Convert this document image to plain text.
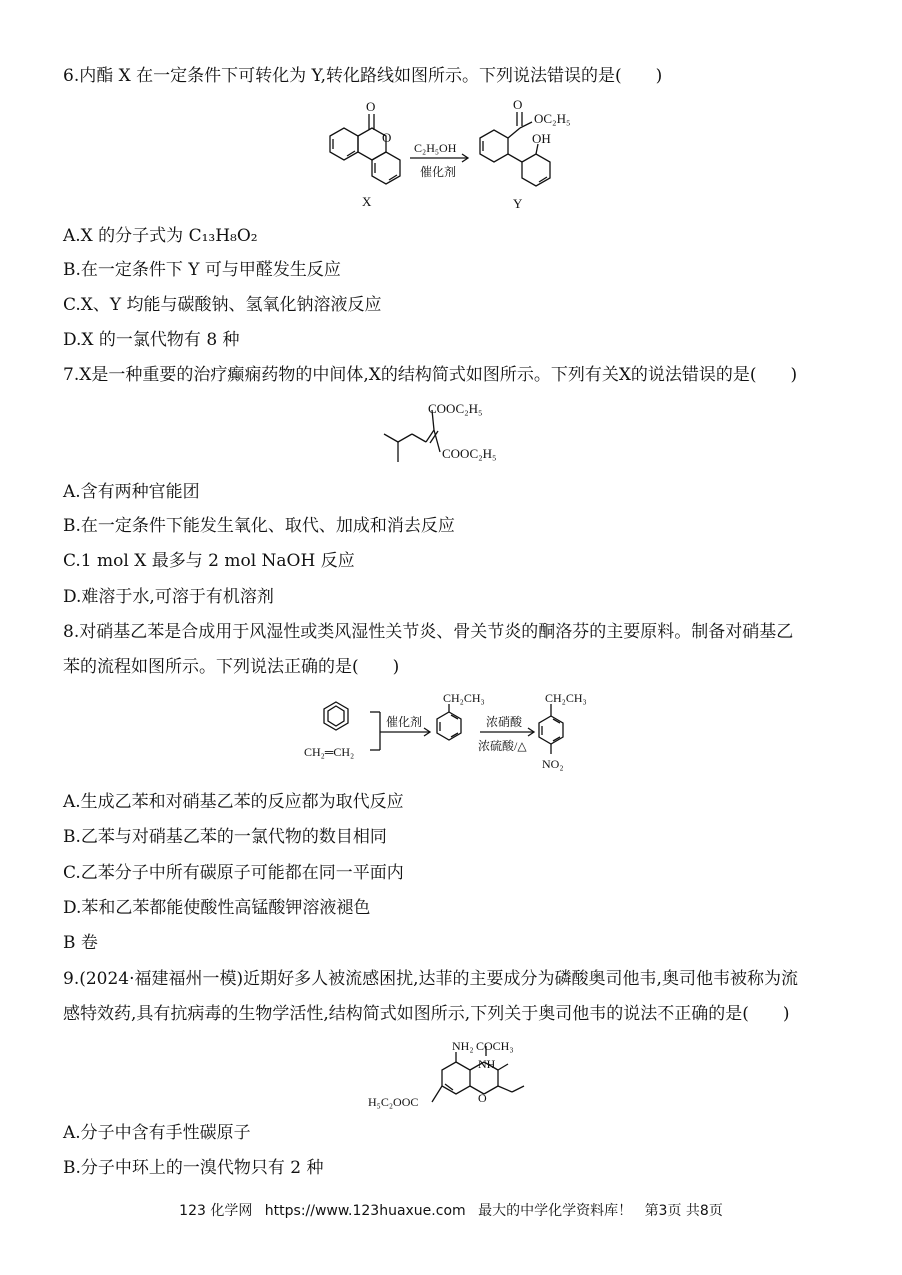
6.内酯 X 在一定条件下可转化为 Y,转化路线如图所示。下列说法错误的是(　　)
O
O
C₂H₅OH
催化剂
X
O
OC₂H₅
OH
Y
A.X 的分子式为 C₁₃H₈O₂
B.在一定条件下 Y 可与甲醛发生反应
C.X、Y 均能与碳酸钠、氢氧化钠溶液反应
D.X 的一氯代物有 8 种
7.X是一种重要的治疗癫痫药物的中间体,X的结构简式如图所示。下列有关X的说法错误的是(　　)
COOC₂H₅
COOC₂H₅
A.含有两种官能团
B.在一定条件下能发生氧化、取代、加成和消去反应
C.1 mol X 最多与 2 mol NaOH 反应
D.难溶于水,可溶于有机溶剂
8.对硝基乙苯是合成用于风湿性或类风湿性关节炎、骨关节炎的酮洛芬的主要原料。制备对硝基乙
苯的流程如图所示。下列说法正确的是(　　)
CH₂═CH₂
催化剂
CH₂CH₃
浓硝酸
浓硫酸/△
CH₂CH₃
NO₂
A.生成乙苯和对硝基乙苯的反应都为取代反应
B.乙苯与对硝基乙苯的一氯代物的数目相同
C.乙苯分子中所有碳原子可能都在同一平面内
D.苯和乙苯都能使酸性高锰酸钾溶液褪色
B 卷
9.(2024·福建福州一模)近期好多人被流感困扰,达菲的主要成分为磷酸奥司他韦,奥司他韦被称为流
感特效药,具有抗病毒的生物学活性,结构简式如图所示,下列关于奥司他韦的说法不正确的是(　　)
NH₂ COCH₃
NH
H₅C₂OOC	O
A.分子中含有手性碳原子
B.分子中环上的一溴代物只有 2 种
123 化学网 https://www.123huaxue.com 最大的中学化学资料库！ 第3页 共8页
